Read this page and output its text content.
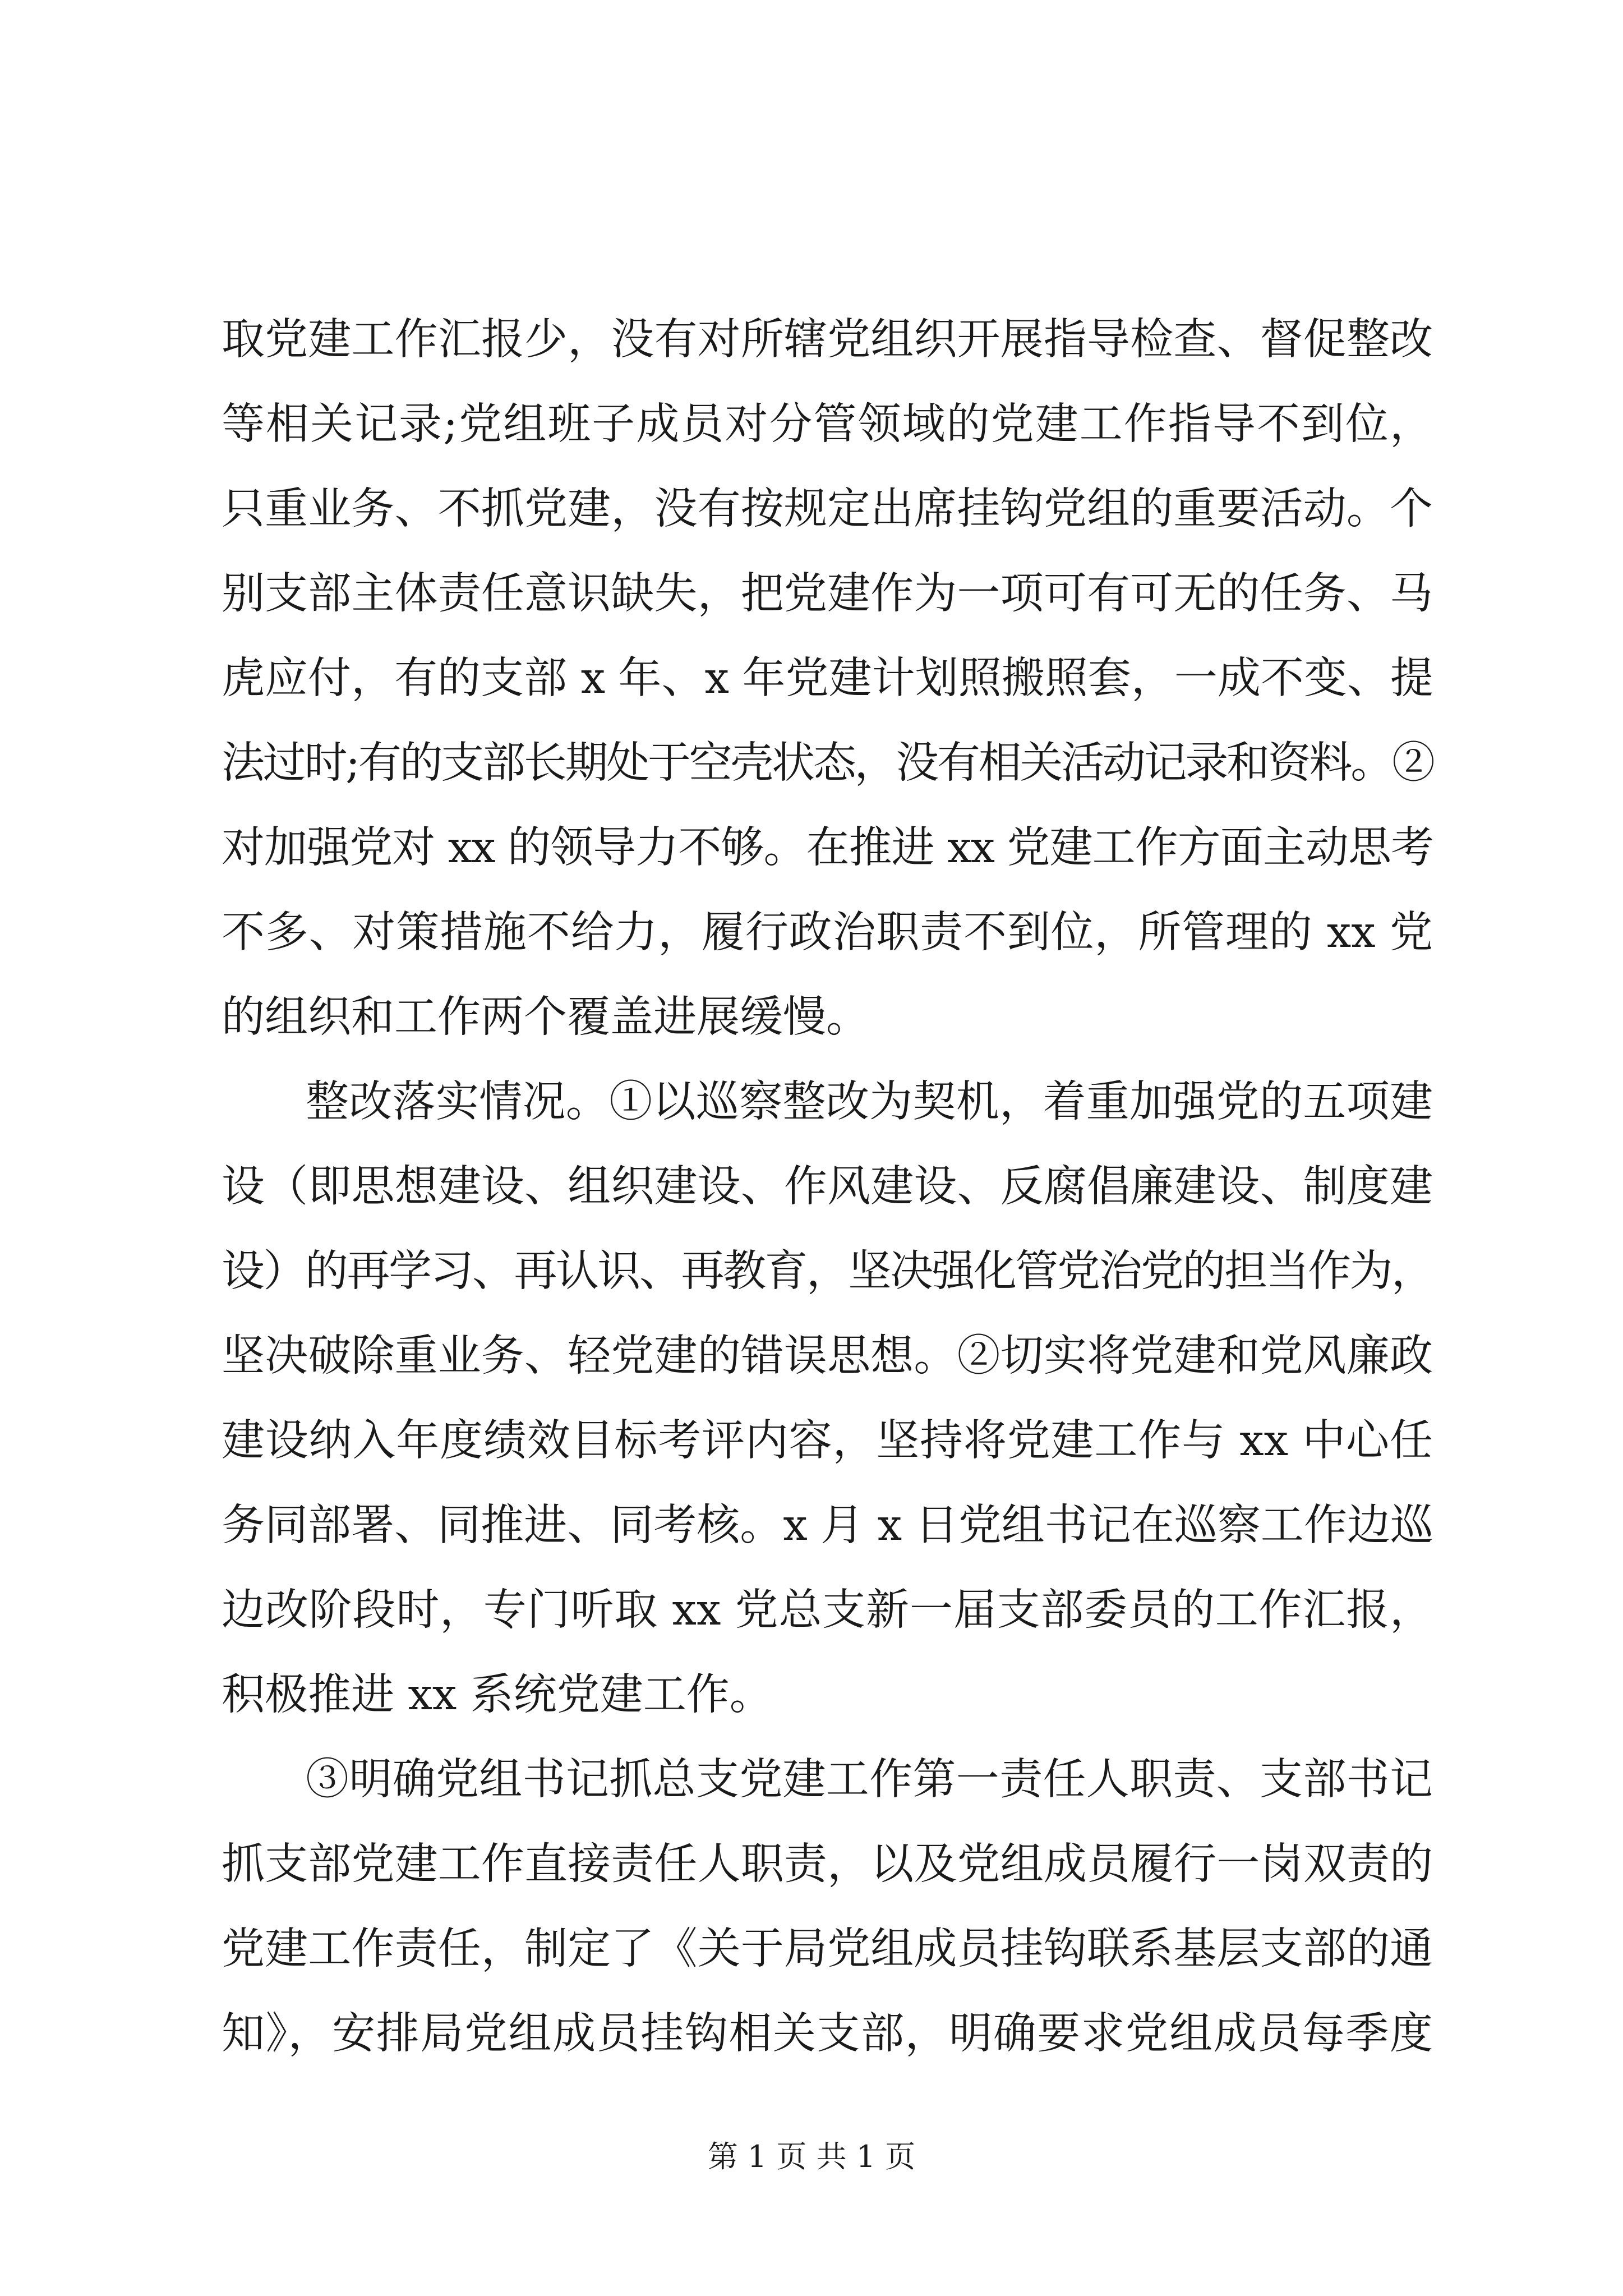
取党建工作汇报少，没有对所辖党组织开展指导检查、督促整改
等相关记录;党组班子成员对分管领域的党建工作指导不到位，
只重业务、不抓党建，没有按规定出席挂钩党组的重要活动。个
别支部主体责任意识缺失，把党建作为一项可有可无的任务、马
虎应付，有的支部 x 年、x 年党建计划照搬照套，一成不变、提
法过时;有的支部长期处于空壳状态，没有相关活动记录和资料。②
对加强党对 xx 的领导力不够。在推进 xx 党建工作方面主动思考
不多、对策措施不给力，履行政治职责不到位，所管理的 xx 党
的组织和工作两个覆盖进展缓慢。
整改落实情况。①以巡察整改为契机，着重加强党的五项建
设（即思想建设、组织建设、作风建设、反腐倡廉建设、制度建
设）的再学习、再认识、再教育，坚决强化管党治党的担当作为，
坚决破除重业务、轻党建的错误思想。②切实将党建和党风廉政
建设纳入年度绩效目标考评内容，坚持将党建工作与 xx 中心任
务同部署、同推进、同考核。x 月 x 日党组书记在巡察工作边巡
边改阶段时，专门听取 xx 党总支新一届支部委员的工作汇报，
积极推进 xx 系统党建工作。
③明确党组书记抓总支党建工作第一责任人职责、支部书记
抓支部党建工作直接责任人职责，以及党组成员履行一岗双责的
党建工作责任，制定了《关于局党组成员挂钩联系基层支部的通
知》，安排局党组成员挂钩相关支部，明确要求党组成员每季度
第 1 页 共 1 页
